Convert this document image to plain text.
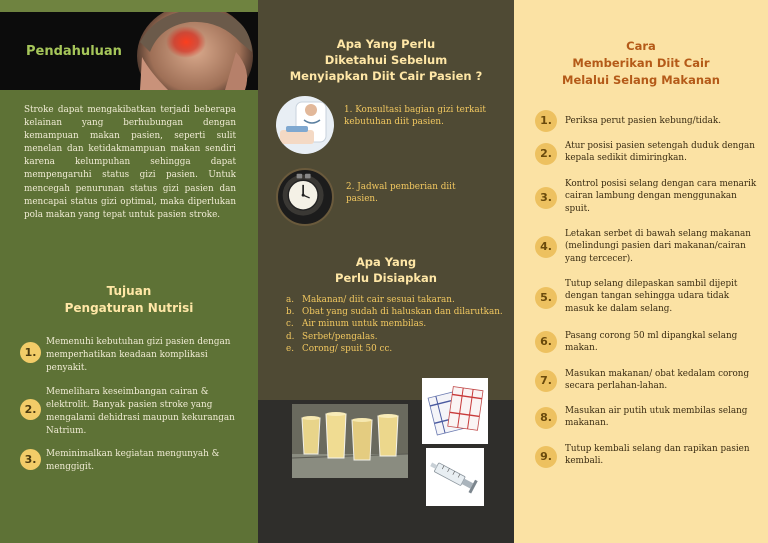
Pendahuluan

Stroke dapat mengakibatkan terjadi beberapa kelainan yang berhubungan dengan kemampuan makan pasien, seperti sulit menelan dan ketidakmampuan makan sendiri karena kelumpuhan sehingga dapat mempengaruhi status gizi pasien. Untuk mencegah penurunan status gizi pasien dan mencapai status gizi optimal, maka diperlukan pola makan yang tepat untuk pasien stroke.

Tujuan
Pengaturan Nutrisi
1.
Memenuhi kebutuhan gizi pasien dengan memperhatikan keadaan komplikasi penyakit.
2.
Memelihara keseimbangan cairan & elektrolit. Banyak pasien stroke yang mengalami dehidrasi maupun kekurangan Natrium.
3.	Meminimalkan kegiatan mengunyah & menggigit.
Apa Yang Perlu
Diketahui Sebelum
Menyiapkan Diit Cair Pasien ?
1. Konsultasi bagian gizi terkait kebutuhan diit pasien.
2. Jadwal pemberian diit pasien.
Apa Yang
Perlu Disiapkan
a. Makanan/ diit cair sesuai takaran.
b. Obat yang sudah di haluskan dan dilarutkan.
c. Air minum untuk membilas.
d. Serbet/pengalas.
e. Corong/ spuit 50 cc.
Cara
Memberikan Diit Cair
Melalui Selang Makanan
1.	Periksa perut pasien kebung/tidak.
2.
Atur posisi pasien setengah duduk dengan kepala sedikit dimiringkan.
3.
Kontrol posisi selang dengan cara menarik cairan lambung dengan menggunakan spuit.
4.
Letakan serbet di bawah selang makanan (melindungi pasien dari makanan/cairan yang tercecer).
5.
Tutup selang dilepaskan sambil dijepit dengan tangan sehingga udara tidak masuk ke dalam selang.
6.	Pasang corong 50 ml dipangkal selang makan.
7.	Masukan makanan/ obat kedalam corong secara perlahan-lahan.
8.	Masukan air putih utuk membilas selang makanan.
9.
Tutup kembali selang dan rapikan pasien kembali.
